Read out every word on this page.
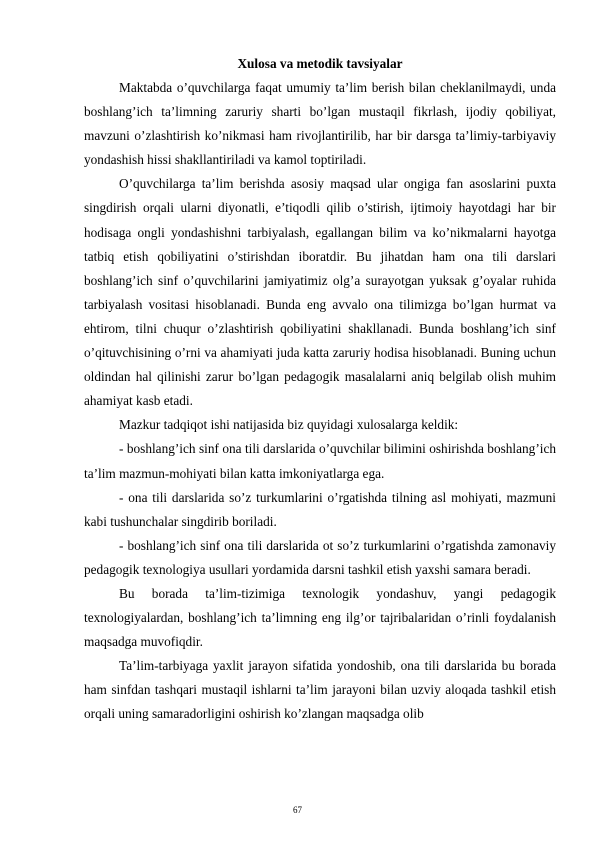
Xulosa va metodik tavsiyalar

Maktabda o’quvchilarga faqat umumiy ta’lim berish bilan cheklanilmaydi, unda boshlang’ich ta’limning zaruriy sharti bo’lgan mustaqil fikrlash, ijodiy qobiliyat, mavzuni o’zlashtirish ko’nikmasi ham rivojlantirilib, har bir darsga ta’limiy-tarbiyaviy yondashish hissi shakllantiriladi va kamol toptiriladi.

O’quvchilarga ta’lim berishda asosiy maqsad ular ongiga fan asoslarini puxta singdirish orqali ularni diyonatli, e’tiqodli qilib o’stirish, ijtimoiy hayotdagi har bir hodisaga ongli yondashishni tarbiyalash, egallangan bilim va ko’nikmalarni hayotga tatbiq etish qobiliyatini o’stirishdan iboratdir. Bu jihatdan ham ona tili darslari boshlang’ich sinf o’quvchilarini jamiyatimiz olg’a surayotgan yuksak g’oyalar ruhida tarbiyalash vositasi hisoblanadi. Bunda eng avvalo ona tilimizga bo’lgan hurmat va ehtirom, tilni chuqur o’zlashtirish qobiliyatini shakllanadi. Bunda boshlang’ich sinf o’qituvchisining o’rni va ahamiyati juda katta zaruriy hodisa hisoblanadi. Buning uchun oldindan hal qilinishi zarur bo’lgan pedagogik masalalarni aniq belgilab olish muhim ahamiyat kasb etadi.

Mazkur tadqiqot ishi natijasida biz quyidagi xulosalarga keldik:

- boshlang’ich sinf ona tili darslarida o’quvchilar bilimini oshirishda boshlang’ich ta’lim mazmun-mohiyati bilan katta imkoniyatlarga ega.

- ona tili darslarida so’z turkumlarini o’rgatishda tilning asl mohiyati, mazmuni kabi tushunchalar singdirib boriladi.

- boshlang’ich sinf ona tili darslarida ot so’z turkumlarini o’rgatishda zamonaviy pedagogik texnologiya usullari yordamida darsni tashkil etish yaxshi samara beradi.

Bu borada ta’lim-tizimiga texnologik yondashuv, yangi pedagogik texnologiyalardan, boshlang’ich ta’limning eng ilg’or tajribalaridan o’rinli foydalanish maqsadga muvofiqdir.

Ta’lim-tarbiyaga yaxlit jarayon sifatida yondoshib, ona tili darslarida bu borada ham sinfdan tashqari mustaqil ishlarni ta’lim jarayoni bilan uzviy aloqada tashkil etish orqali uning samaradorligini oshirish ko’zlangan maqsadga olib

67
